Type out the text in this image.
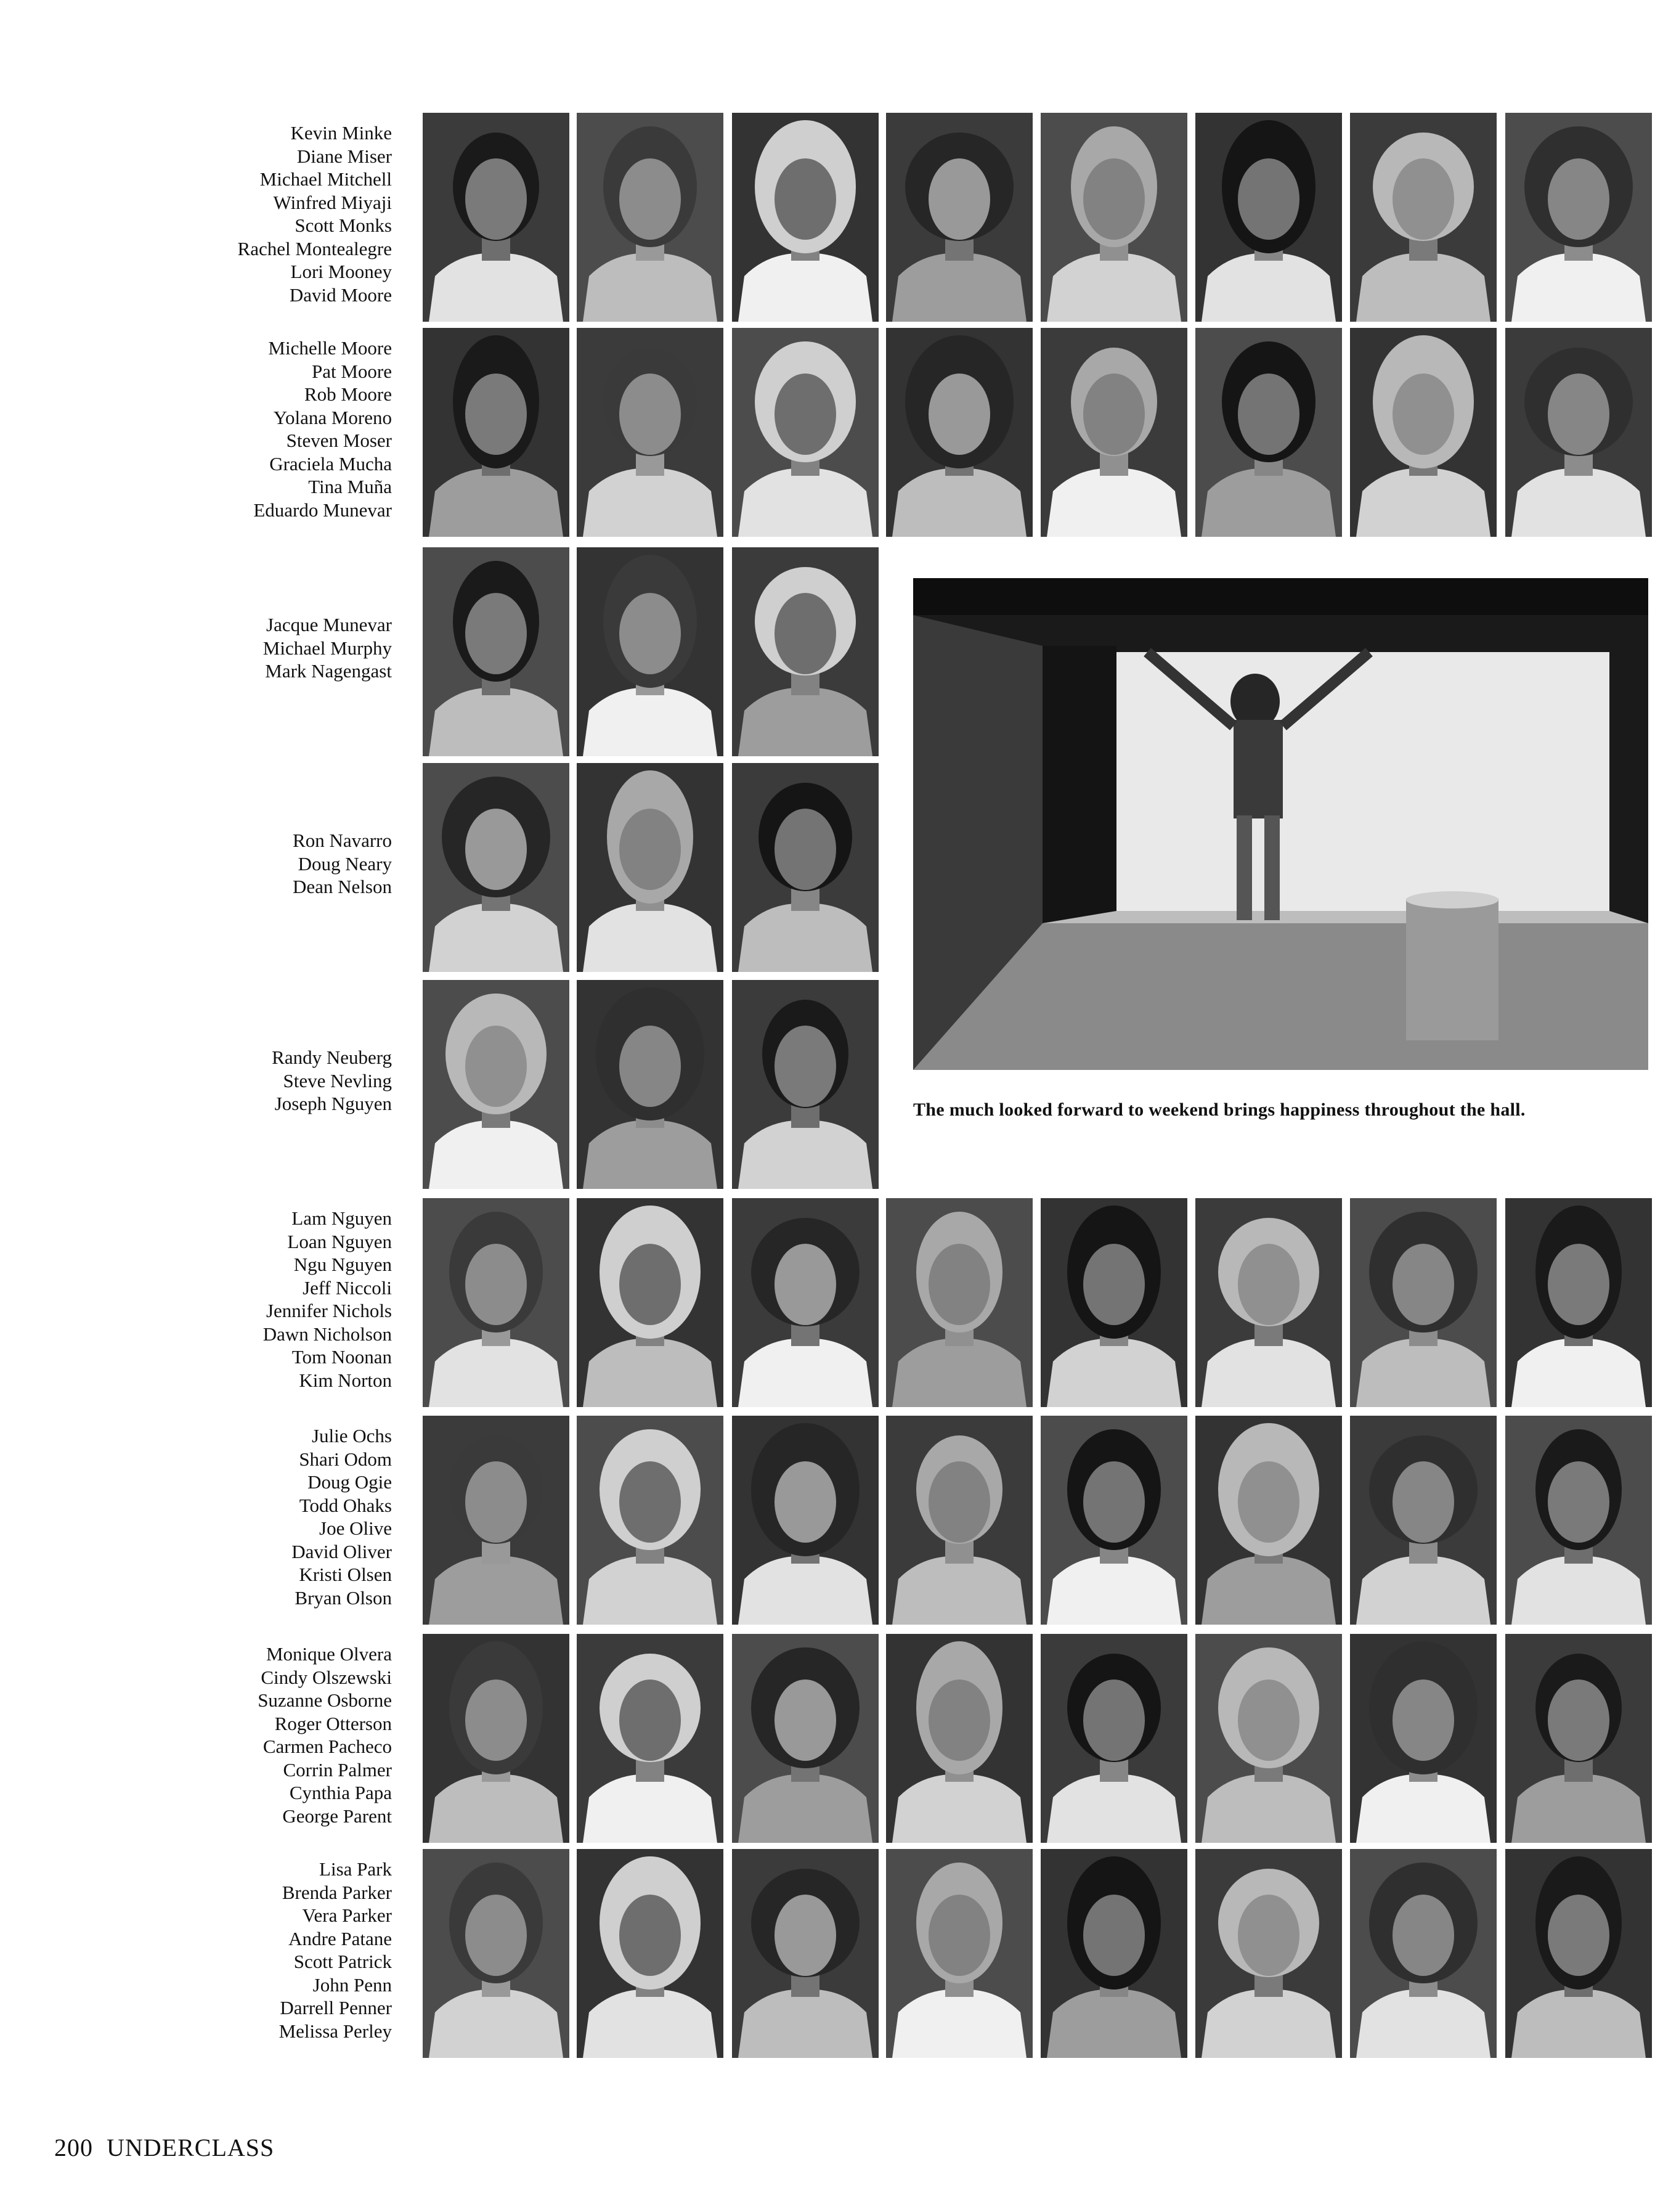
Kevin Minke
Diane Miser
Michael Mitchell
Winfred Miyaji
Scott Monks
Rachel Montealegre
Lori Mooney
David Moore
Michelle Moore
Pat Moore
Rob Moore
Yolana Moreno
Steven Moser
Graciela Mucha
Tina Muña
Eduardo Munevar
Jacque Munevar
Michael Murphy
Mark Nagengast
Ron Navarro
Doug Neary
Dean Nelson
Randy Neuberg
Steve Nevling
Joseph Nguyen
Lam Nguyen
Loan Nguyen
Ngu Nguyen
Jeff Niccoli
Jennifer Nichols
Dawn Nicholson
Tom Noonan
Kim Norton
Julie Ochs
Shari Odom
Doug Ogie
Todd Ohaks
Joe Olive
David Oliver
Kristi Olsen
Bryan Olson
Monique Olvera
Cindy Olszewski
Suzanne Osborne
Roger Otterson
Carmen Pacheco
Corrin Palmer
Cynthia Papa
George Parent
Lisa Park
Brenda Parker
Vera Parker
Andre Patane
Scott Patrick
John Penn
Darrell Penner
Melissa Perley
The much looked forward to weekend brings happiness throughout the hall.
200 UNDERCLASS
